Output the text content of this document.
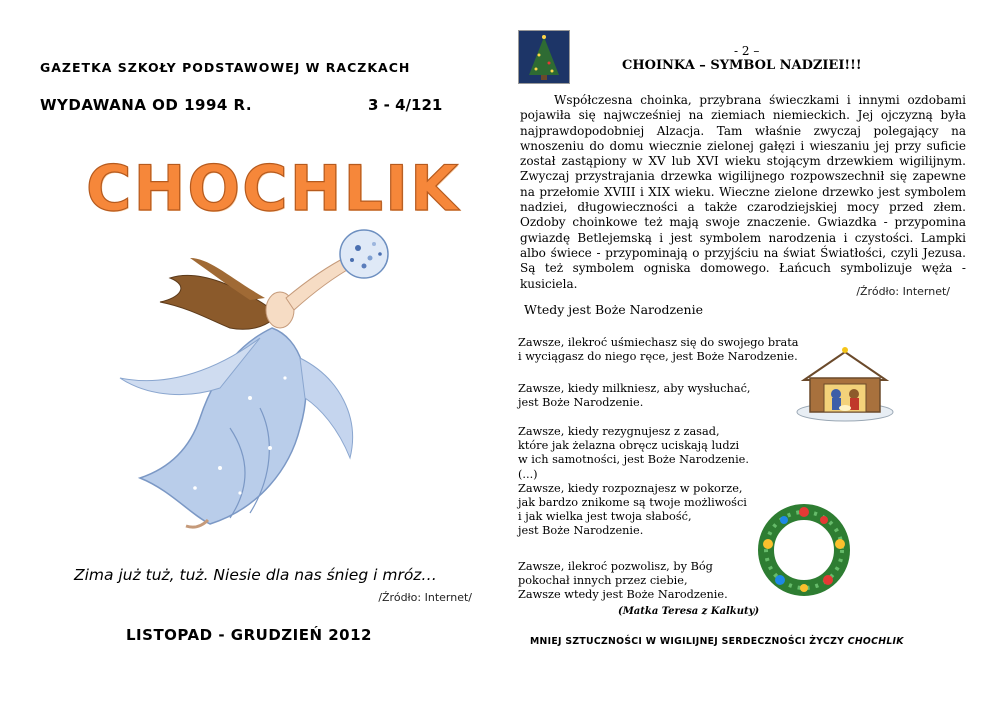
GAZETKA SZKOŁY PODSTAWOWEJ W RACZKACH
WYDAWANA OD 1994 R.	3 - 4/121
CHOCHLIK
Zima już tuż, tuż. Niesie dla nas śnieg i mróz…
/Źródło: Internet/
LISTOPAD - GRUDZIEŃ 2012
- 2 –
CHOINKA – SYMBOL NADZIEI!!!

Współczesna choinka, przybrana świeczkami i innymi ozdobami pojawiła się najwcześniej na ziemiach niemieckich. Jej ojczyzną była najprawdopodobniej Alzacja. Tam właśnie zwyczaj polegający na wnoszeniu do domu wiecznie zielonej gałęzi i wieszaniu jej przy suficie został zastąpiony w XV lub XVI wieku stojącym drzewkiem wigilijnym. Zwyczaj przystrajania drzewka wigilijnego rozpowszechnił się zapewne na przełomie XVIII i XIX wieku. Wieczne zielone drzewko jest symbolem nadziei, długowieczności a także czarodziejskiej mocy przed złem. Ozdoby choinkowe też mają swoje znaczenie. Gwiazdka - przypomina gwiazdę Betlejemską i jest symbolem narodzenia i czystości. Lampki albo świece - przypominają o przyjściu na świat Światłości, czyli Jezusa. Są też symbolem ogniska domowego. Łańcuch symbolizuje węża - kusiciela.

/Źródło: Internet/
Wtedy jest Boże Narodzenie
Zawsze, ilekroć uśmiechasz się do swojego brata
i wyciągasz do niego ręce, jest Boże Narodzenie.
Zawsze, kiedy milkniesz, aby wysłuchać,
jest Boże Narodzenie.
Zawsze, kiedy rezygnujesz z zasad,
które jak żelazna obręcz uciskają ludzi
w ich samotności, jest Boże Narodzenie.
(...)
Zawsze, kiedy rozpoznajesz w pokorze,
jak bardzo znikome są twoje możliwości
i jak wielka jest twoja słabość,
jest Boże Narodzenie.
Zawsze, ilekroć pozwolisz, by Bóg
pokochał innych przez ciebie,
Zawsze wtedy jest Boże Narodzenie.
(Matka Teresa z Kalkuty)
MNIEJ SZTUCZNOŚCI W WIGILIJNEJ SERDECZNOŚCI ŻYCZY CHOCHLIK
